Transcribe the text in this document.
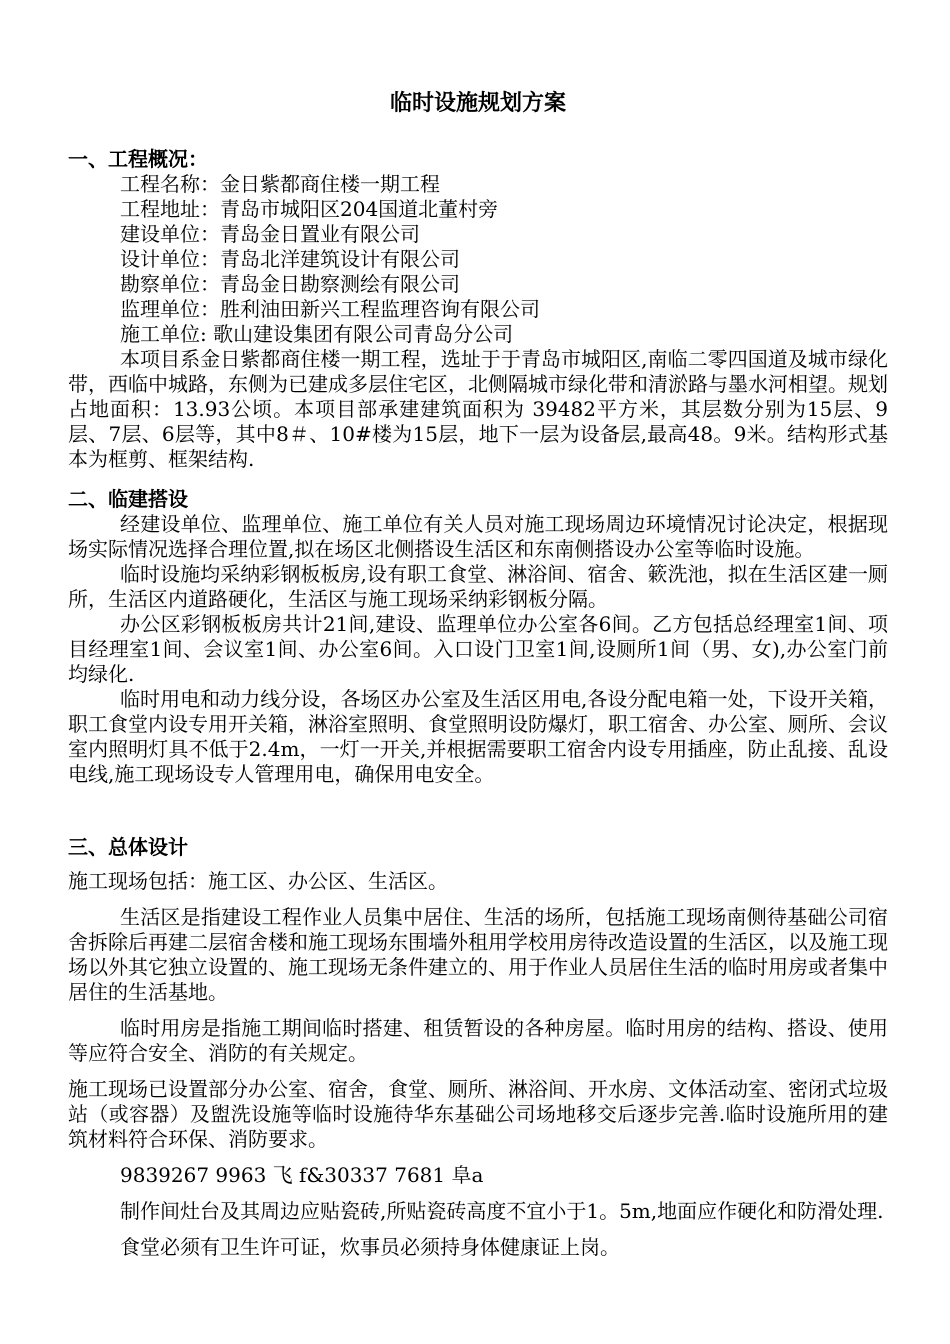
临时设施规划方案

一、工程概况：

工程名称：金日紫都商住楼一期工程

工程地址：青岛市城阳区204国道北董村旁

建设单位：青岛金日置业有限公司

设计单位：青岛北洋建筑设计有限公司

勘察单位：青岛金日勘察测绘有限公司

监理单位：胜利油田新兴工程监理咨询有限公司

施工单位: 歌山建设集团有限公司青岛分公司

本项目系金日紫都商住楼一期工程，选址于于青岛市城阳区,南临二零四国道及城市绿化带，西临中城路，东侧为已建成多层住宅区，北侧隔城市绿化带和清淤路与墨水河相望。规划占地面积：13.93公顷。本项目部承建建筑面积为 39482平方米，其层数分别为15层、9层、7层、6层等，其中8＃、10#楼为15层，地下一层为设备层,最高48。9米。结构形式基本为框剪、框架结构.

二、临建搭设

经建设单位、监理单位、施工单位有关人员对施工现场周边环境情况讨论决定，根据现场实际情况选择合理位置,拟在场区北侧搭设生活区和东南侧搭设办公室等临时设施。

临时设施均采纳彩钢板板房,设有职工食堂、淋浴间、宿舍、簌洗池，拟在生活区建一厕所，生活区内道路硬化，生活区与施工现场采纳彩钢板分隔。

办公区彩钢板板房共计21间,建设、监理单位办公室各6间。乙方包括总经理室1间、项目经理室1间、会议室1间、办公室6间。入口设门卫室1间,设厕所1间（男、女),办公室门前均绿化.

临时用电和动力线分设，各场区办公室及生活区用电,各设分配电箱一处，下设开关箱，职工食堂内设专用开关箱，淋浴室照明、食堂照明设防爆灯，职工宿舍、办公室、厕所、会议室内照明灯具不低于2.4m，一灯一开关,并根据需要职工宿舍内设专用插座，防止乱接、乱设电线,施工现场设专人管理用电，确保用电安全。

三、总体设计

施工现场包括：施工区、办公区、生活区。

生活区是指建设工程作业人员集中居住、生活的场所，包括施工现场南侧待基础公司宿舍拆除后再建二层宿舍楼和施工现场东围墙外租用学校用房待改造设置的生活区，以及施工现场以外其它独立设置的、施工现场无条件建立的、用于作业人员居住生活的临时用房或者集中居住的生活基地。

临时用房是指施工期间临时搭建、租赁暂设的各种房屋。临时用房的结构、搭设、使用等应符合安全、消防的有关规定。

施工现场已设置部分办公室、宿舍，食堂、厕所、淋浴间、开水房、文体活动室、密闭式垃圾站（或容器）及盥洗设施等临时设施待华东基础公司场地移交后逐步完善.临时设施所用的建筑材料符合环保、消防要求。

9839267 9963 飞 f&30337 7681 阜a

制作间灶台及其周边应贴瓷砖,所贴瓷砖高度不宜小于1。5m,地面应作硬化和防滑处理.

食堂必须有卫生许可证，炊事员必须持身体健康证上岗。
